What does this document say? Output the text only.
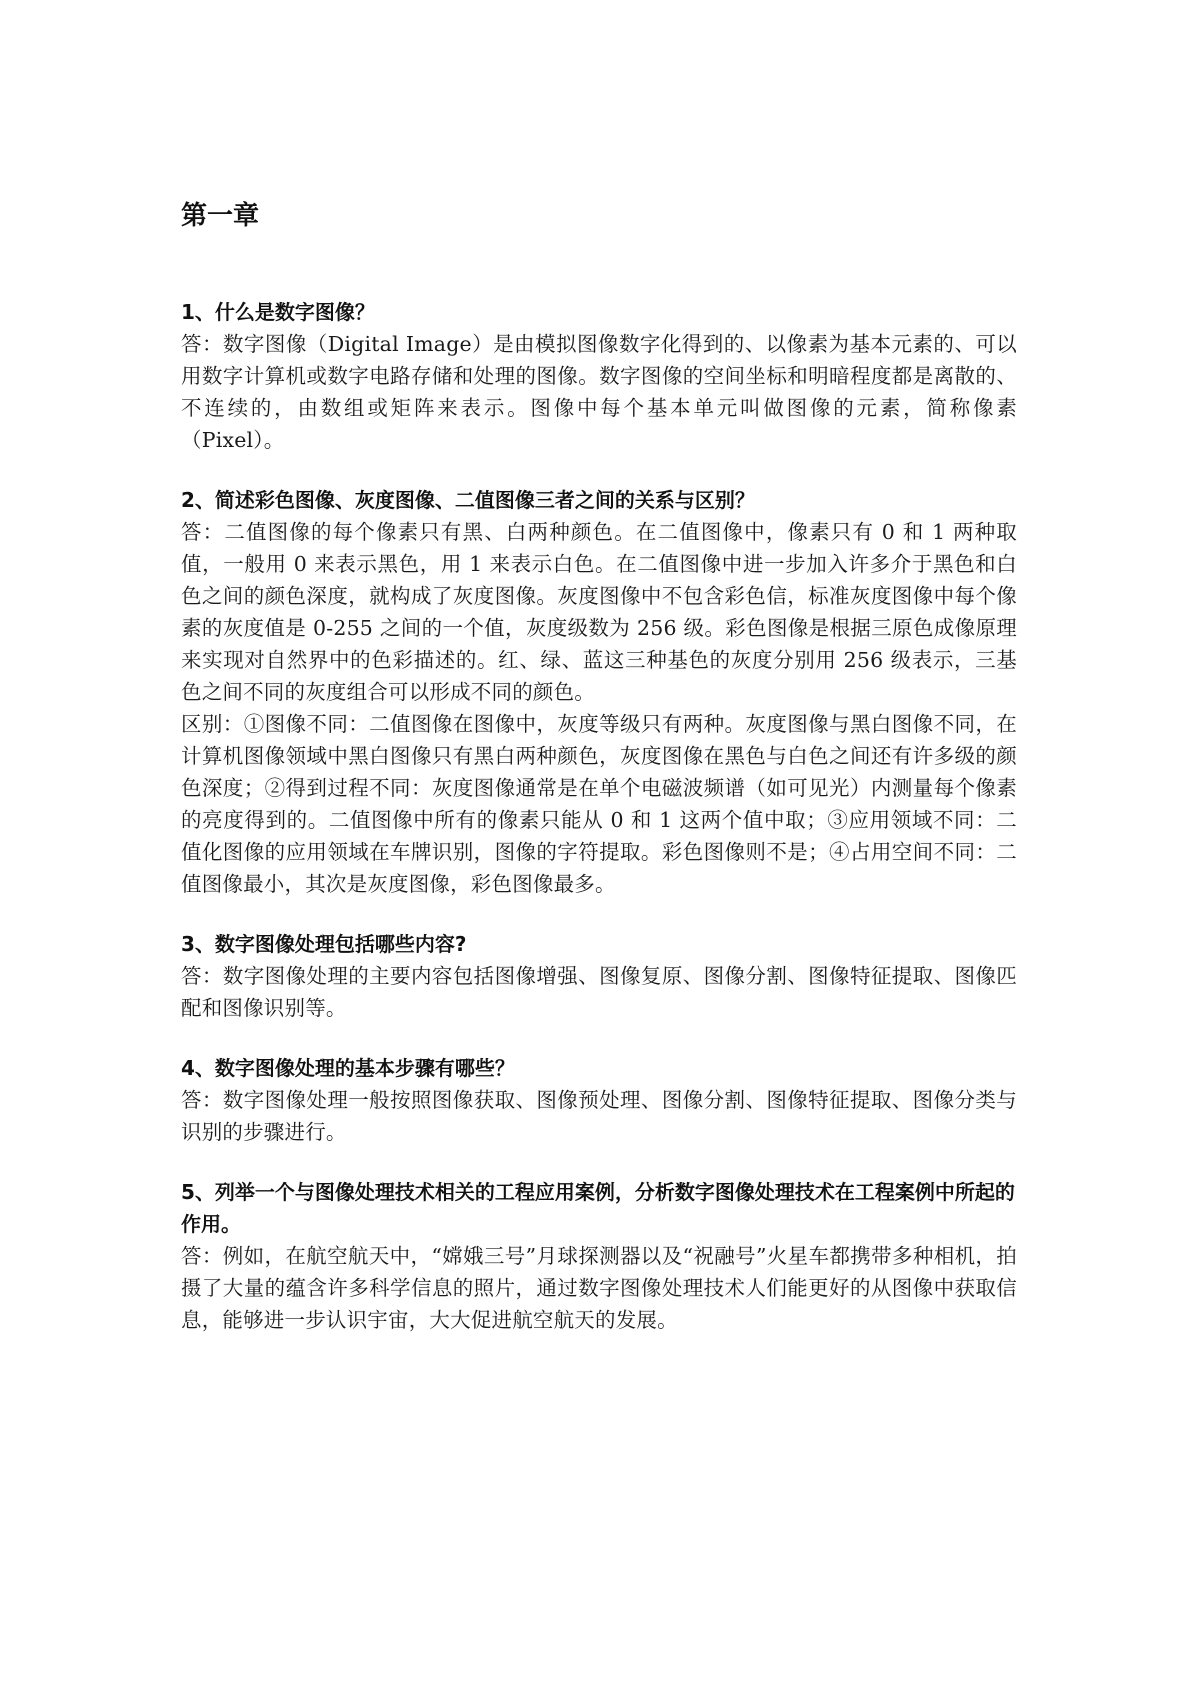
第一章

1、什么是数字图像？

答：数字图像（Digital Image）是由模拟图像数字化得到的、以像素为基本元素的、可以用数字计算机或数字电路存储和处理的图像。数字图像的空间坐标和明暗程度都是离散的、不连续的，由数组或矩阵来表示。图像中每个基本单元叫做图像的元素，简称像素（Pixel）。

2、简述彩色图像、灰度图像、二值图像三者之间的关系与区别？

答：二值图像的每个像素只有黑、白两种颜色。在二值图像中，像素只有 0 和 1 两种取值，一般用 0 来表示黑色，用 1 来表示白色。在二值图像中进一步加入许多介于黑色和白色之间的颜色深度，就构成了灰度图像。灰度图像中不包含彩色信，标准灰度图像中每个像素的灰度值是 0-255 之间的一个值，灰度级数为 256 级。彩色图像是根据三原色成像原理来实现对自然界中的色彩描述的。红、绿、蓝这三种基色的灰度分别用 256 级表示，三基色之间不同的灰度组合可以形成不同的颜色。

区别：①图像不同：二值图像在图像中，灰度等级只有两种。灰度图像与黑白图像不同，在计算机图像领域中黑白图像只有黑白两种颜色，灰度图像在黑色与白色之间还有许多级的颜色深度；②得到过程不同：灰度图像通常是在单个电磁波频谱（如可见光）内测量每个像素的亮度得到的。二值图像中所有的像素只能从 0 和 1 这两个值中取；③应用领域不同：二值化图像的应用领域在车牌识别，图像的字符提取。彩色图像则不是；④占用空间不同：二值图像最小，其次是灰度图像，彩色图像最多。

3、数字图像处理包括哪些内容?

答：数字图像处理的主要内容包括图像增强、图像复原、图像分割、图像特征提取、图像匹配和图像识别等。

4、数字图像处理的基本步骤有哪些？

答：数字图像处理一般按照图像获取、图像预处理、图像分割、图像特征提取、图像分类与识别的步骤进行。

5、列举一个与图像处理技术相关的工程应用案例，分析数字图像处理技术在工程案例中所起的作用。

答：例如，在航空航天中，“嫦娥三号”月球探测器以及“祝融号”火星车都携带多种相机，拍摄了大量的蕴含许多科学信息的照片，通过数字图像处理技术人们能更好的从图像中获取信息，能够进一步认识宇宙，大大促进航空航天的发展。
